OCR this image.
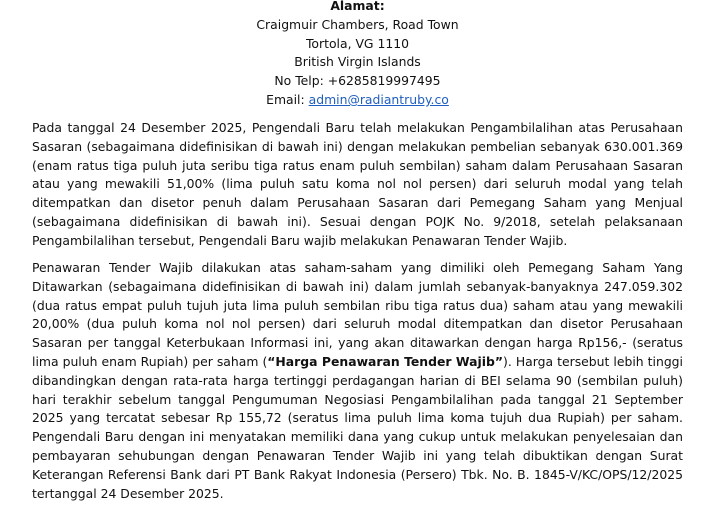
Alamat:
Craigmuir Chambers, Road Town
Tortola, VG 1110
British Virgin Islands
No Telp: +6285819997495
Email: admin@radiantruby.co

Pada tanggal 24 Desember 2025, Pengendali Baru telah melakukan Pengambilalihan atas Perusahaan Sasaran (sebagaimana didefinisikan di bawah ini) dengan melakukan pembelian sebanyak 630.001.369 (enam ratus tiga puluh juta seribu tiga ratus enam puluh sembilan) saham dalam Perusahaan Sasaran atau yang mewakili 51,00% (lima puluh satu koma nol nol persen) dari seluruh modal yang telah ditempatkan dan disetor penuh dalam Perusahaan Sasaran dari Pemegang Saham yang Menjual (sebagaimana didefinisikan di bawah ini). Sesuai dengan POJK No. 9/2018, setelah pelaksanaan Pengambilalihan tersebut, Pengendali Baru wajib melakukan Penawaran Tender Wajib.

Penawaran Tender Wajib dilakukan atas saham-saham yang dimiliki oleh Pemegang Saham Yang Ditawarkan (sebagaimana didefinisikan di bawah ini) dalam jumlah sebanyak-banyaknya 247.059.302 (dua ratus empat puluh tujuh juta lima puluh sembilan ribu tiga ratus dua) saham atau yang mewakili 20,00% (dua puluh koma nol nol persen) dari seluruh modal ditempatkan dan disetor Perusahaan Sasaran per tanggal Keterbukaan Informasi ini, yang akan ditawarkan dengan harga Rp156,- (seratus lima puluh enam Rupiah) per saham (“Harga Penawaran Tender Wajib”). Harga tersebut lebih tinggi dibandingkan dengan rata-rata harga tertinggi perdagangan harian di BEI selama 90 (sembilan puluh) hari terakhir sebelum tanggal Pengumuman Negosiasi Pengambilalihan pada tanggal 21 September 2025 yang tercatat sebesar Rp 155,72 (seratus lima puluh lima koma tujuh dua Rupiah) per saham. Pengendali Baru dengan ini menyatakan memiliki dana yang cukup untuk melakukan penyelesaian dan pembayaran sehubungan dengan Penawaran Tender Wajib ini yang telah dibuktikan dengan Surat Keterangan Referensi Bank dari PT Bank Rakyat Indonesia (Persero) Tbk. No. B. 1845-V/KC/OPS/12/2025 tertanggal 24 Desember 2025.
